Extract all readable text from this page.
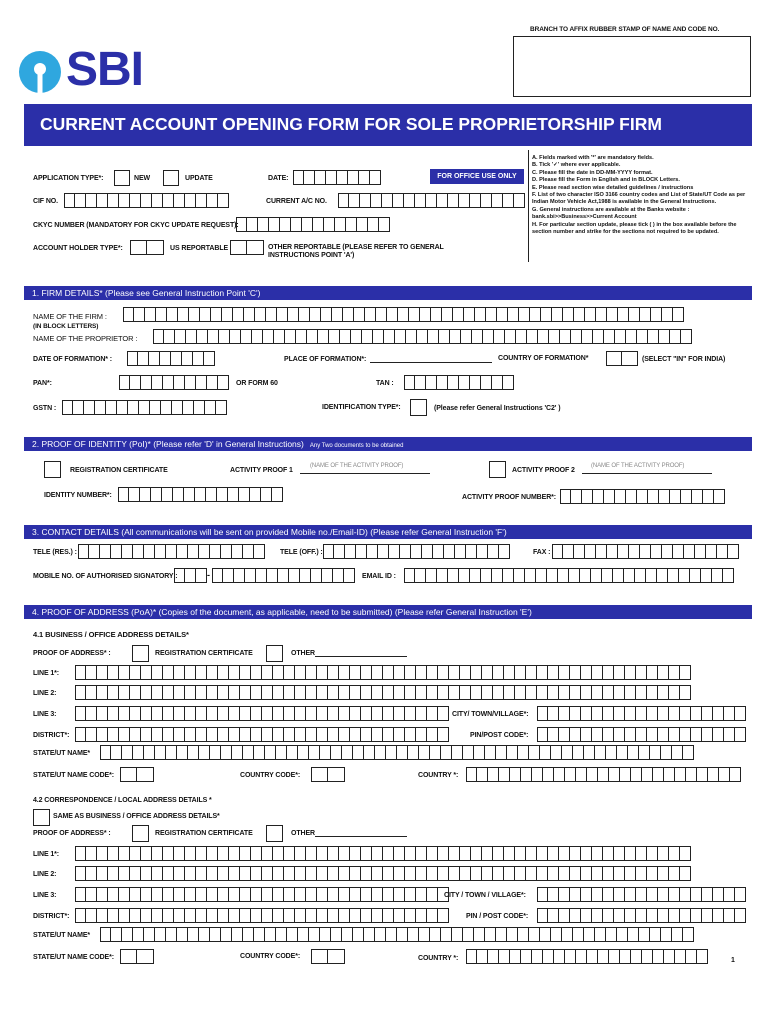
BRANCH TO AFFIX RUBBER STAMP OF NAME AND CODE NO.
SBI
CURRENT ACCOUNT OPENING FORM FOR SOLE PROPRIETORSHIP FIRM
APPLICATION TYPE*:	NEW	UPDATE	DATE:	FOR OFFICE USE ONLY
CIF NO.	CURRENT A/C NO.
CKYC NUMBER (MANDATORY FOR CKYC UPDATE REQUEST):
ACCOUNT HOLDER TYPE*:	US REPORTABLE	OTHER REPORTABLE (PLEASE REFER TO GENERAL
INSTRUCTIONS POINT 'A')
A. Fields marked with '*' are mandatory fields.
B. Tick '✓' where ever applicable.
C. Please fill the date in DD-MM-YYYY format.
D. Please fill the Form in English and in BLOCK Letters.
E. Please read section wise detailed guidelines / instructions
F. List of two character ISO 3166 country codes and List of State/UT Code as per Indian Motor Vehicle Act,1988 is available in the General Instructions.
G. General instructions are available at the Banks website : bank.sbi>>Business>>Current Account
H. For particular section update, please tick ( ) in the box available before the section number and strike for the sections not required to be updated.
1. FIRM DETAILS* (Please see General Instruction Point 'C')
NAME OF THE FIRM :
(IN BLOCK LETTERS)
NAME OF THE PROPRIETOR :
DATE OF FORMATION* :	PLACE OF FORMATION*:	COUNTRY OF FORMATION*	(SELECT "IN" FOR INDIA)
PAN*:	OR FORM 60	TAN :
GSTN :	IDENTIFICATION TYPE*:	(Please refer General Instructions 'C2' )
2. PROOF OF IDENTITY (PoI)* (Please refer 'D' in General Instructions) Any Two documents to be obtained
REGISTRATION CERTIFICATE	ACTIVITY PROOF 1
(NAME OF THE ACTIVITY PROOF)
ACTIVITY PROOF 2
(NAME OF THE ACTIVITY PROOF)
IDENTITY NUMBER*:	ACTIVITY PROOF NUMBER*:
3. CONTACT DETAILS (All communications will be sent on provided Mobile no./Email-ID) (Please refer General Instruction 'F')
TELE (RES.) :	TELE (OFF.) :	FAX :
MOBILE NO. OF AUTHORISED SIGNATORY :	-	EMAIL ID :
4. PROOF OF ADDRESS (PoA)* (Copies of the document, as applicable, need to be submitted) (Please refer General Instruction 'E')
4.1 BUSINESS / OFFICE ADDRESS DETAILS*
PROOF OF ADDRESS* :	REGISTRATION CERTIFICATE	OTHER
LINE 1*:
LINE 2:
LINE 3:	CITY/ TOWN/VILLAGE*:
DISTRICT*:	PIN/POST CODE*:
STATE/UT NAME*
STATE/UT NAME CODE*:	COUNTRY CODE*:	COUNTRY *:
4.2 CORRESPONDENCE / LOCAL ADDRESS DETAILS *
SAME AS BUSINESS / OFFICE ADDRESS DETAILS*
PROOF OF ADDRESS* :	REGISTRATION CERTIFICATE	OTHER
LINE 1*:
LINE 2:
LINE 3:	CITY / TOWN / VILLAGE*:
DISTRICT*:	PIN / POST CODE*:
STATE/UT NAME*
STATE/UT NAME CODE*:	COUNTRY CODE*:	COUNTRY *:	1
